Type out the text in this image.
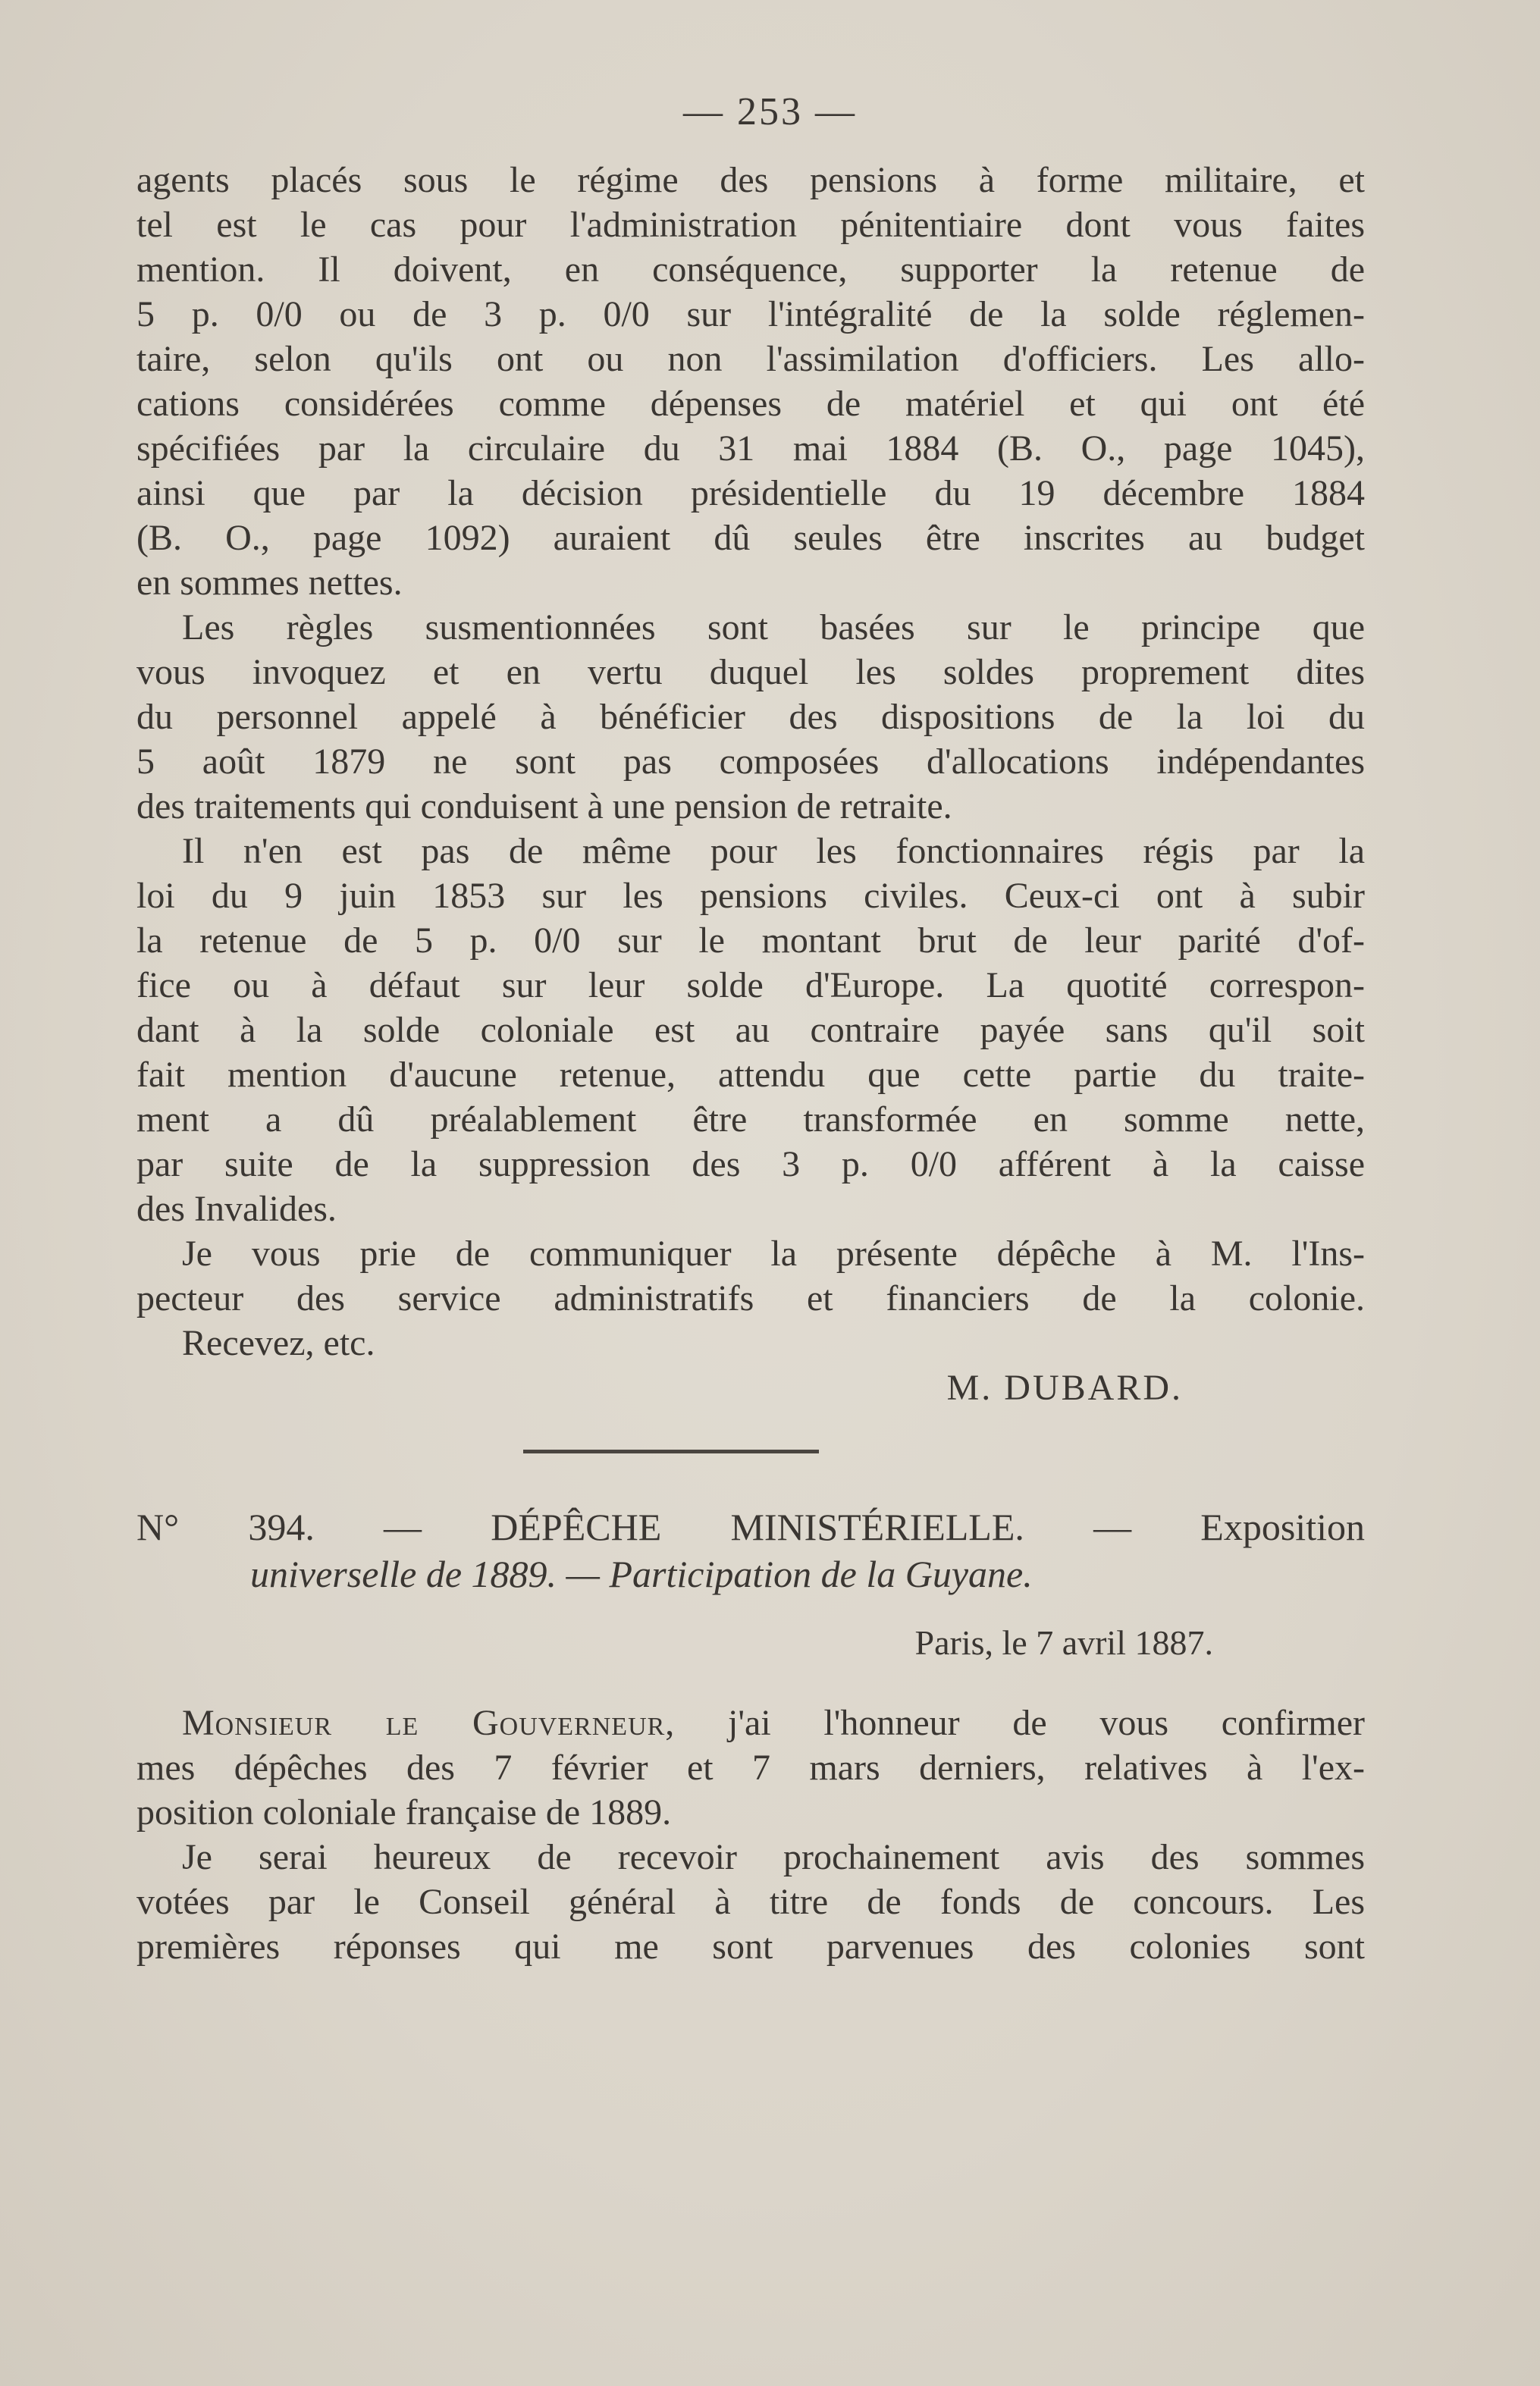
— 253 —
agents placés sous le régime des pensions à forme militaire, et
tel est le cas pour l'administration pénitentiaire dont vous faites
mention. Il doivent, en conséquence, supporter la retenue de
5 p. 0/0 ou de 3 p. 0/0 sur l'intégralité de la solde réglemen-
taire, selon qu'ils ont ou non l'assimilation d'officiers. Les allo-
cations considérées comme dépenses de matériel et qui ont été
spécifiées par la circulaire du 31 mai 1884 (B. O., page 1045),
ainsi que par la décision présidentielle du 19 décembre 1884
(B. O., page 1092) auraient dû seules être inscrites au budget
en sommes nettes.
Les règles susmentionnées sont basées sur le principe que
vous invoquez et en vertu duquel les soldes proprement dites
du personnel appelé à bénéficier des dispositions de la loi du
5 août 1879 ne sont pas composées d'allocations indépendantes
des traitements qui conduisent à une pension de retraite.
Il n'en est pas de même pour les fonctionnaires régis par la
loi du 9 juin 1853 sur les pensions civiles. Ceux-ci ont à subir
la retenue de 5 p. 0/0 sur le montant brut de leur parité d'of-
fice ou à défaut sur leur solde d'Europe. La quotité correspon-
dant à la solde coloniale est au contraire payée sans qu'il soit
fait mention d'aucune retenue, attendu que cette partie du traite-
ment a dû préalablement être transformée en somme nette,
par suite de la suppression des 3 p. 0/0 afférent à la caisse
des Invalides.
Je vous prie de communiquer la présente dépêche à M. l'Ins-
pecteur des service administratifs et financiers de la colonie.
Recevez, etc.
M. DUBARD.
N° 394. — DÉPÊCHE MINISTÉRIELLE. — Exposition
universelle de 1889. — Participation de la Guyane.
Paris, le 7 avril 1887.
Monsieur le Gouverneur, j'ai l'honneur de vous confirmer
mes dépêches des 7 février et 7 mars derniers, relatives à l'ex-
position coloniale française de 1889.
Je serai heureux de recevoir prochainement avis des sommes
votées par le Conseil général à titre de fonds de concours. Les
premières réponses qui me sont parvenues des colonies sont
